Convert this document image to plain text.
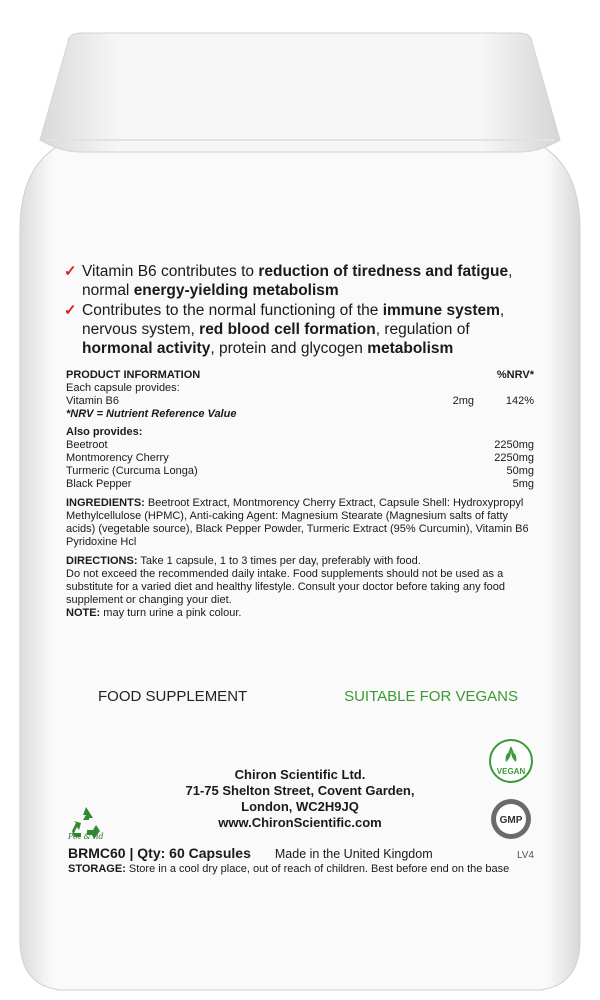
✓ Vitamin B6 contributes to reduction of tiredness and fatigue, normal energy-yielding metabolism
✓ Contributes to the normal functioning of the immune system, nervous system, red blood cell formation, regulation of hormonal activity, protein and glycogen metabolism
PRODUCT INFORMATION	%NRV*
Each capsule provides:
Vitamin B6	2mg	142%
*NRV = Nutrient Reference Value
Also provides:
Beetroot	2250mg
Montmorency Cherry	2250mg
Turmeric (Curcuma Longa)	50mg
Black Pepper	5mg
INGREDIENTS: Beetroot Extract, Montmorency Cherry Extract, Capsule Shell: Hydroxypropyl Methylcellulose (HPMC), Anti-caking Agent: Magnesium Stearate (Magnesium salts of fatty acids) (vegetable source), Black Pepper Powder, Turmeric Extract (95% Curcumin), Vitamin B6 Pyridoxine Hcl
DIRECTIONS: Take 1 capsule, 1 to 3 times per day, preferably with food.
Do not exceed the recommended daily intake. Food supplements should not be used as a substitute for a varied diet and healthy lifestyle. Consult your doctor before taking any food supplement or changing your diet.
NOTE: may turn urine a pink colour.
FOOD SUPPLEMENT	SUITABLE FOR VEGANS
VEGAN
GMP
Chiron Scientific Ltd.
71-75 Shelton Street, Covent Garden,
London, WC2H9JQ
www.ChironScientific.com
Pot & lid
BRMC60 | Qty: 60 Capsules Made in the United Kingdom	LV4
STORAGE: Store in a cool dry place, out of reach of children. Best before end on the base
